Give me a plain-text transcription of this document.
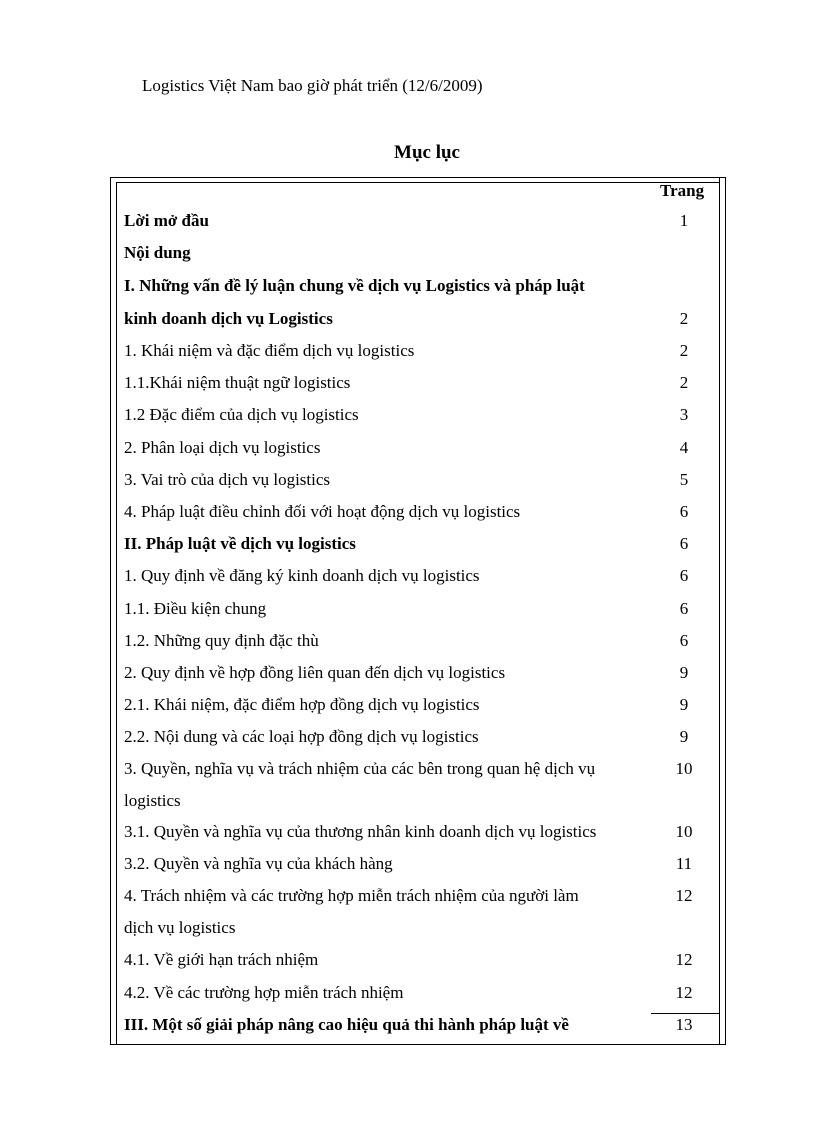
Logistics Việt Nam bao giờ phát triển (12/6/2009)
Mục lục
Trang
Lời mở đầu	1
Nội dung
I. Những vấn đề lý luận chung về dịch vụ Logistics và pháp luật
kinh doanh dịch vụ Logistics	2
1. Khái niệm và đặc điểm dịch vụ logistics	2
1.1.Khái niệm thuật ngữ logistics	2
1.2 Đặc điểm của dịch vụ logistics	3
2. Phân loại dịch vụ logistics	4
3. Vai trò của dịch vụ logistics	5
4. Pháp luật điều chỉnh đối với hoạt động dịch vụ logistics	6
II. Pháp luật về dịch vụ logistics	6
1. Quy định về đăng ký kinh doanh dịch vụ logistics	6
1.1. Điều kiện chung	6
1.2. Những quy định đặc thù	6
2. Quy định về hợp đồng liên quan đến dịch vụ logistics	9
2.1. Khái niệm, đặc điểm hợp đồng dịch vụ logistics	9
2.2. Nội dung và các loại hợp đồng dịch vụ logistics	9
3. Quyền, nghĩa vụ và trách nhiệm của các bên trong quan hệ dịch vụ	10
logistics
3.1. Quyền và nghĩa vụ của thương nhân kinh doanh dịch vụ logistics	10
3.2. Quyền và nghĩa vụ của khách hàng	11
4. Trách nhiệm và các trường hợp miễn trách nhiệm của người làm	12
dịch vụ logistics
4.1. Về giới hạn trách nhiệm	12
4.2. Về các trường hợp miễn trách nhiệm	12
III. Một số giải pháp nâng cao hiệu quả thi hành pháp luật về	13
